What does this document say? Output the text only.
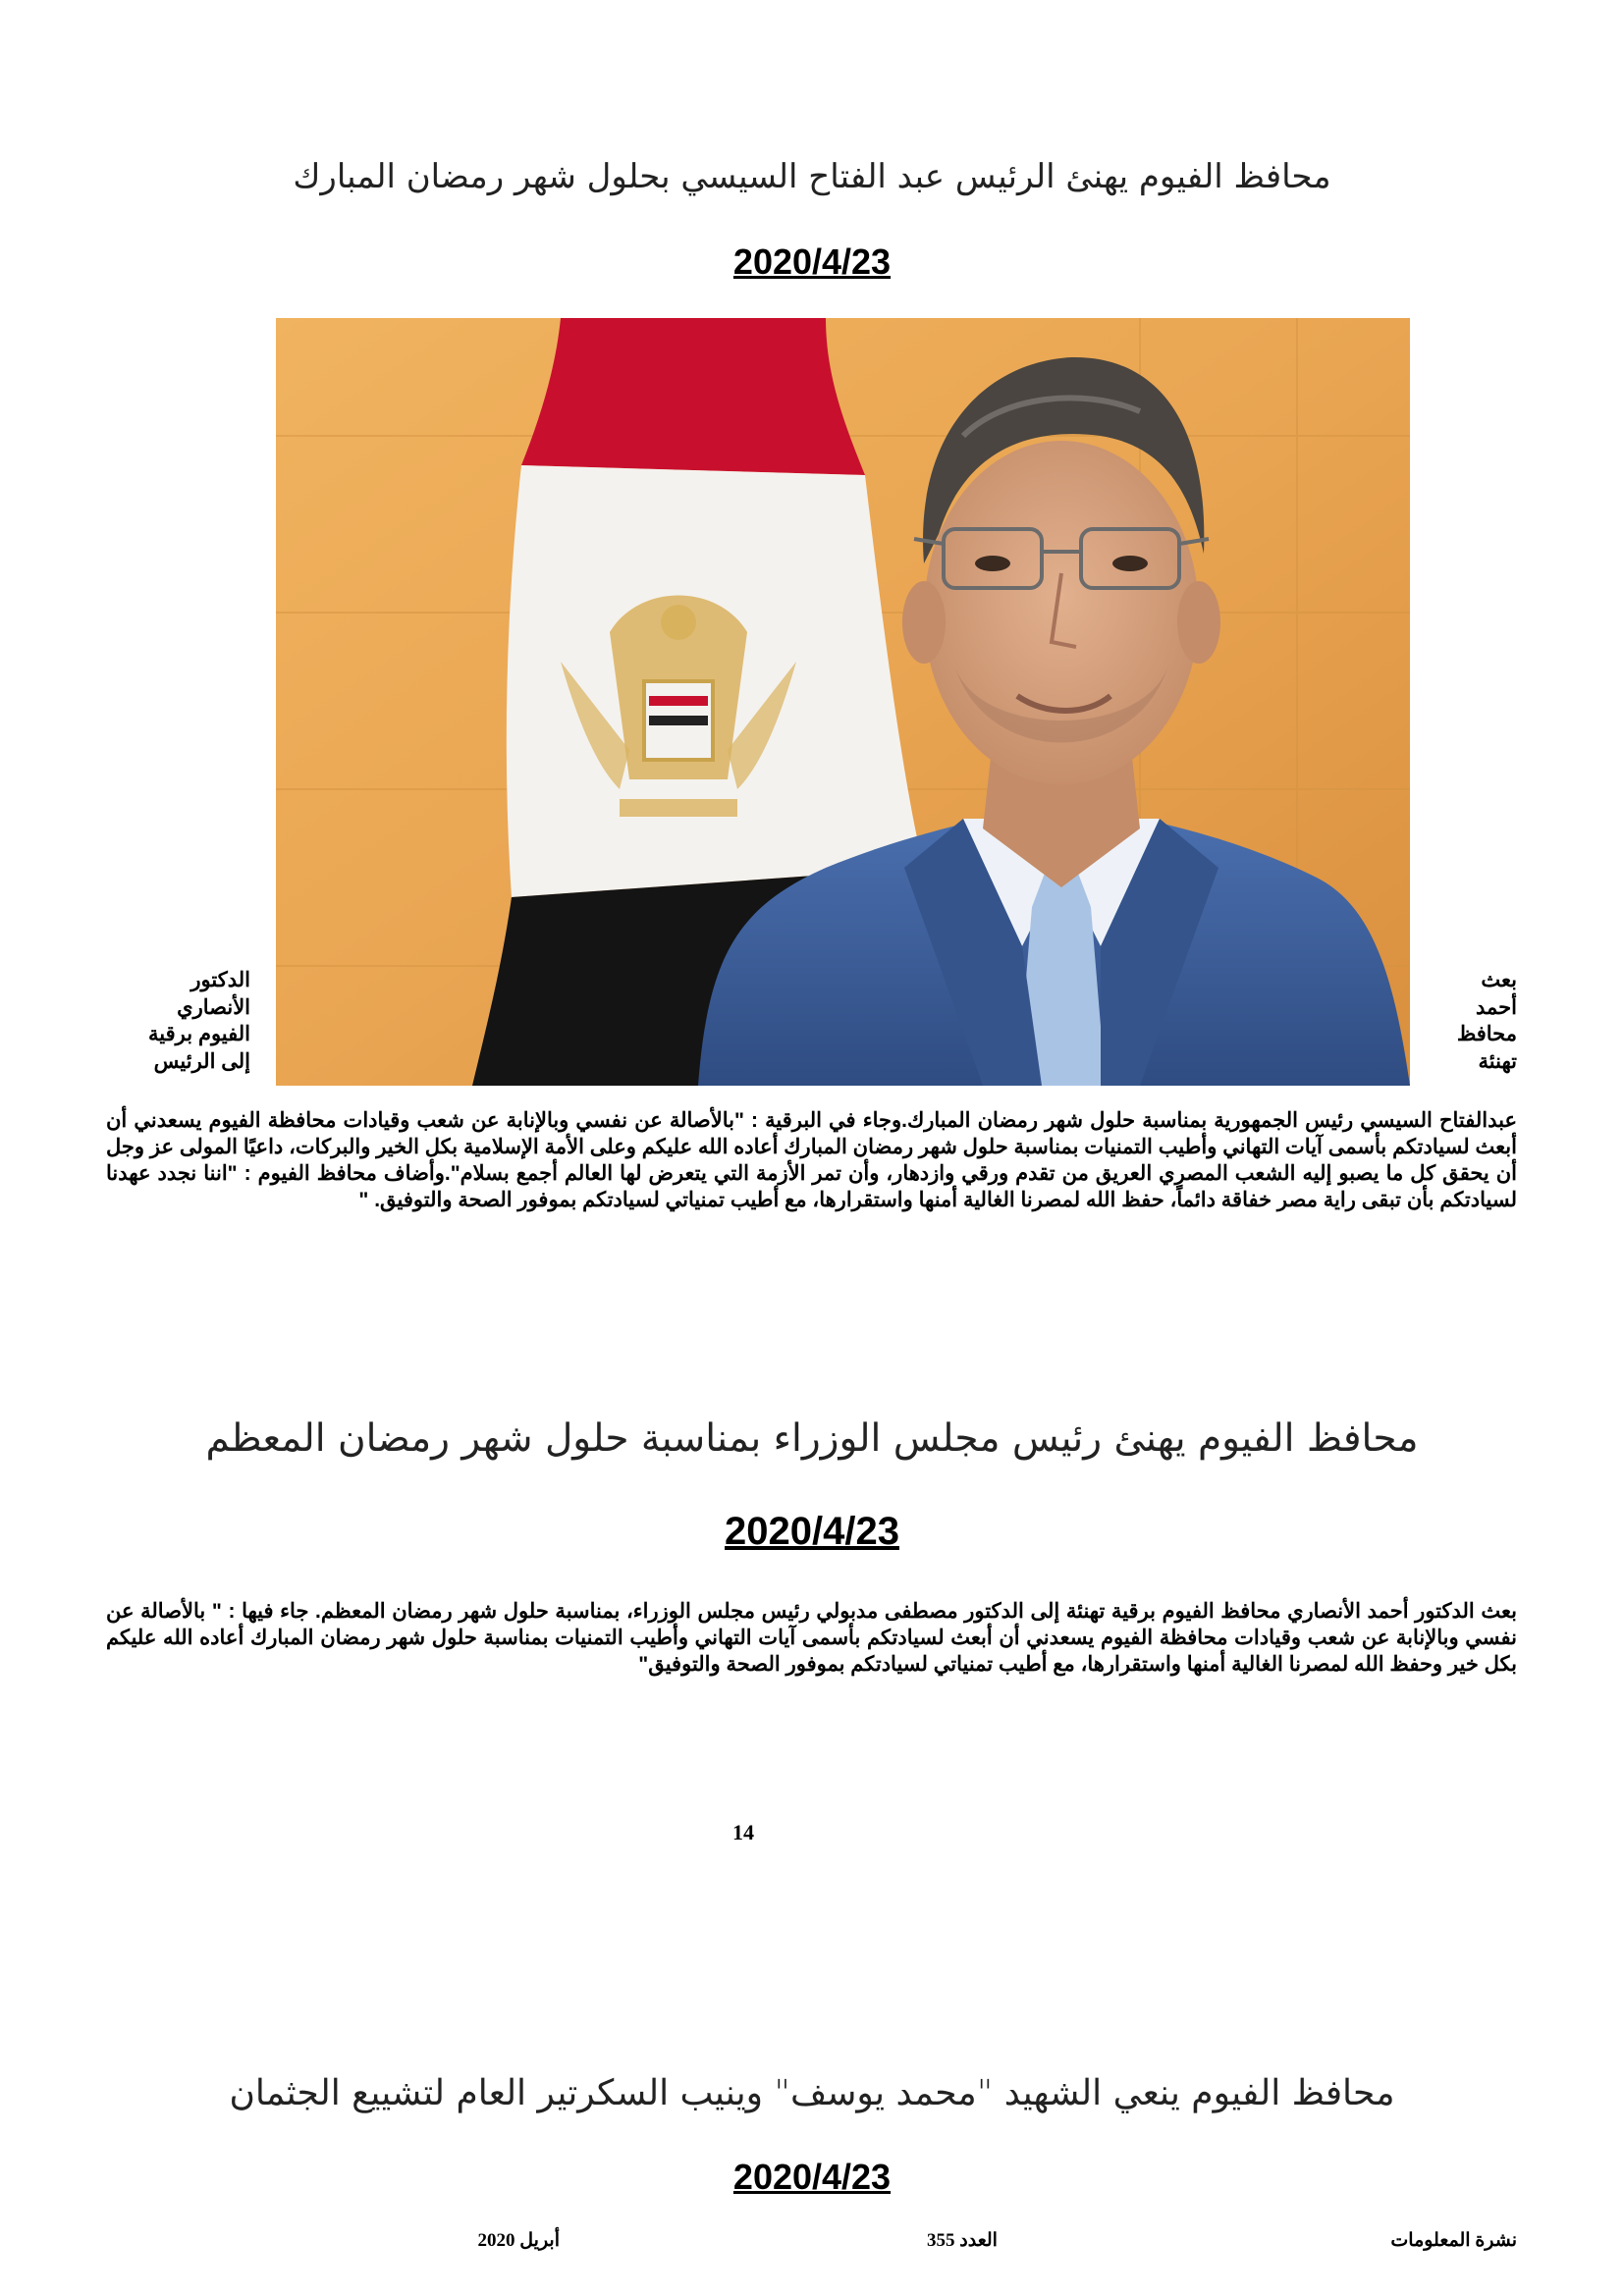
محافظ الفيوم يهنئ الرئيس عبد الفتاح السيسي بحلول شهر رمضان المبارك
2020/4/23
بعث
أحمد
محافظ
تهنئة
الدكتور
الأنصاري
الفيوم برقية
إلى الرئيس
عبدالفتاح السيسي رئيس الجمهورية بمناسبة حلول شهر رمضان المبارك.وجاء في البرقية : "بالأصالة عن نفسي وبالإنابة عن شعب وقيادات محافظة الفيوم يسعدني أن أبعث لسيادتكم بأسمى آيات التهاني وأطيب التمنيات بمناسبة حلول شهر رمضان المبارك أعاده الله عليكم وعلى الأمة الإسلامية بكل الخير والبركات، داعيًا المولى عز وجل أن يحقق كل ما يصبو إليه الشعب المصري العريق من تقدم ورقي وازدهار، وأن تمر الأزمة التي يتعرض لها العالم أجمع بسلام".وأضاف محافظ الفيوم : "اننا نجدد عهدنا لسيادتكم بأن تبقى راية مصر خفاقة دائماً، حفظ الله لمصرنا الغالية أمنها واستقرارها، مع أطيب تمنياتي لسيادتكم بموفور الصحة والتوفيق. "
محافظ الفيوم يهنئ رئيس مجلس الوزراء بمناسبة حلول شهر رمضان المعظم
2020/4/23
بعث الدكتور أحمد الأنصاري محافظ الفيوم برقية تهنئة إلى الدكتور مصطفى مدبولي رئيس مجلس الوزراء، بمناسبة حلول شهر رمضان المعظم. جاء فيها : " بالأصالة عن نفسي وبالإنابة عن شعب وقيادات محافظة الفيوم يسعدني أن أبعث لسيادتكم بأسمى آيات التهاني وأطيب التمنيات بمناسبة حلول شهر رمضان المبارك أعاده الله عليكم بكل خير وحفظ الله لمصرنا الغالية أمنها واستقرارها، مع أطيب تمنياتي لسيادتكم بموفور الصحة والتوفيق"
14
محافظ الفيوم ينعي الشهيد "محمد يوسف" وينيب السكرتير العام لتشييع الجثمان
2020/4/23
نشرة المعلومات
العدد 355
أبريل 2020
